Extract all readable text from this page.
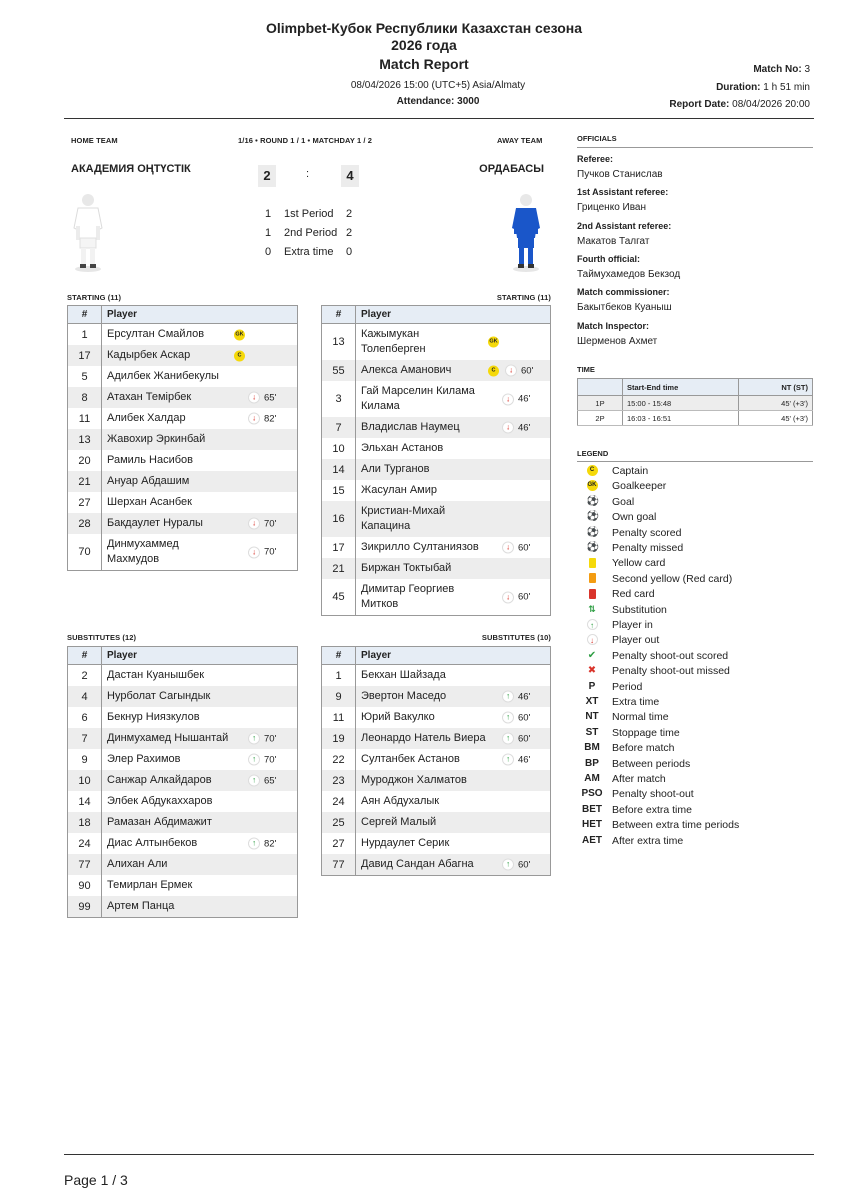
Olimpbet-Кубок Республики Казахстан сезона
2026 года
Match Report
08/04/2026 15:00 (UTC+5) Asia/Almaty
Attendance: 3000
Match No: 3
Duration: 1 h 51 min
Report Date: 08/04/2026 20:00
HOME TEAM	1/16 • ROUND 1 / 1 • MATCHDAY 1 / 2	AWAY TEAM
АКАДЕМИЯ ОҢТҮСТІК	ОРДАБАСЫ
2	:	4
1 1st Period 2
1 2nd Period 2
0 Extra time 0
STARTING (11)	STARTING (11)
SUBSTITUTES (12)	SUBSTITUTES (10)
#	Player
1	Ерсултан Смайлов GK

17	Кадырбек Аскар C

5	Адилбек Жанибекулы

8	Атахан Темірбек ↓ 65'

11	Алибек Халдар ↓ 82'

13	Жавохир Эркинбай

20	Рамиль Насибов

21	Ануар Абдашим

27	Шерхан Асанбек

28	Бакдаулет Нуралы ↓ 70'

70	Динмухаммед Махмудов
↓ 70'
#	Player
13	Кажымукан Толепберген
GK

55	Алекса Аманович C ↓ 60'

3	Гай Марселин Килама Килама
↓ 46'

7	Владислав Наумец ↓ 46'

10	Эльхан Астанов

14	Али Турганов

15	Жасулан Амир

16	Кристиан-Михай Капацина

17	Зикрилло Султаниязов ↓ 60'

21	Биржан Токтыбай

45	Димитар Георгиев Митков
↓ 60'
#	Player
2	Дастан Куанышбек

4	Нурболат Сагындык

6	Бекнур Ниязкулов

7	Динмухамед Нышантай ↑ 70'

9	Элер Рахимов ↑ 70'

10	Санжар Алкайдаров ↑ 65'

14	Элбек Абдукаххаров

18	Рамазан Абдимажит

24	Диас Алтынбеков ↑ 82'

77	Алихан Али

90	Темирлан Ермек

99	Артем Панца
#	Player
1	Бекхан Шайзада

9	Эвертон Маседо ↑ 46'

11	Юрий Вакулко ↑ 60'

19	Леонардо Натель Виера ↑ 60'

22	Султанбек Астанов ↑ 46'

23	Муроджон Халматов

24	Аян Абдухалык

25	Сергей Малый

27	Нурдаулет Серик

77	Давид Сандан Абагна ↑ 60'
OFFICIALS
Referee:
Пучков Станислав
1st Assistant referee:
Гриценко Иван
2nd Assistant referee:
Макатов Талгат
Fourth official:
Таймухамедов Бекзод
Match commissioner:
Бакытбеков Куаныш
Match Inspector:
Шерменов Ахмет
TIME
	Start-End time	NT (ST)
1P	15:00 - 15:48	45' (+3')
2P	16:03 - 16:51	45' (+3')
LEGEND
C	Captain
GK	Goalkeeper
⚽	Goal
⚽	Own goal
⚽	Penalty scored
⚽	Penalty missed
Yellow card
Second yellow (Red card)
Red card
⇅	Substitution
↑	Player in
↓	Player out
✔	Penalty shoot-out scored
✖	Penalty shoot-out missed
P	Period
XT	Extra time
NT	Normal time
ST	Stoppage time
BM	Before match
BP	Between periods
AM	After match
PSO Penalty shoot-out
BET Before extra time
HET Between extra time periods
AET After extra time
Page 1 / 3
